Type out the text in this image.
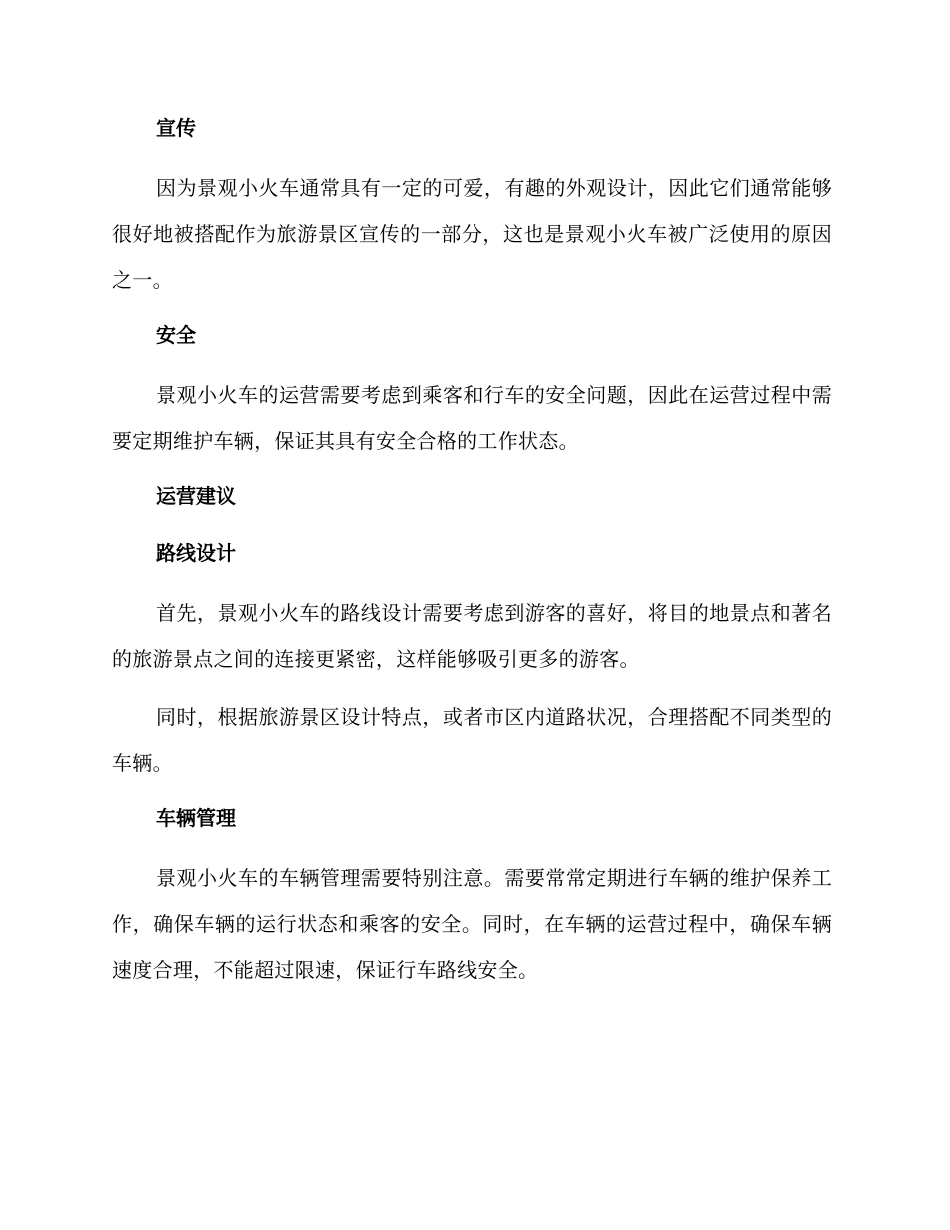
宣传

因为景观小火车通常具有一定的可爱，有趣的外观设计，因此它们通常能够很好地被搭配作为旅游景区宣传的一部分，这也是景观小火车被广泛使用的原因之一。

安全

景观小火车的运营需要考虑到乘客和行车的安全问题，因此在运营过程中需要定期维护车辆，保证其具有安全合格的工作状态。

运营建议
路线设计

首先，景观小火车的路线设计需要考虑到游客的喜好，将目的地景点和著名的旅游景点之间的连接更紧密，这样能够吸引更多的游客。

同时，根据旅游景区设计特点，或者市区内道路状况，合理搭配不同类型的车辆。

车辆管理

景观小火车的车辆管理需要特别注意。需要常常定期进行车辆的维护保养工作，确保车辆的运行状态和乘客的安全。同时，在车辆的运营过程中，确保车辆速度合理，不能超过限速，保证行车路线安全。
